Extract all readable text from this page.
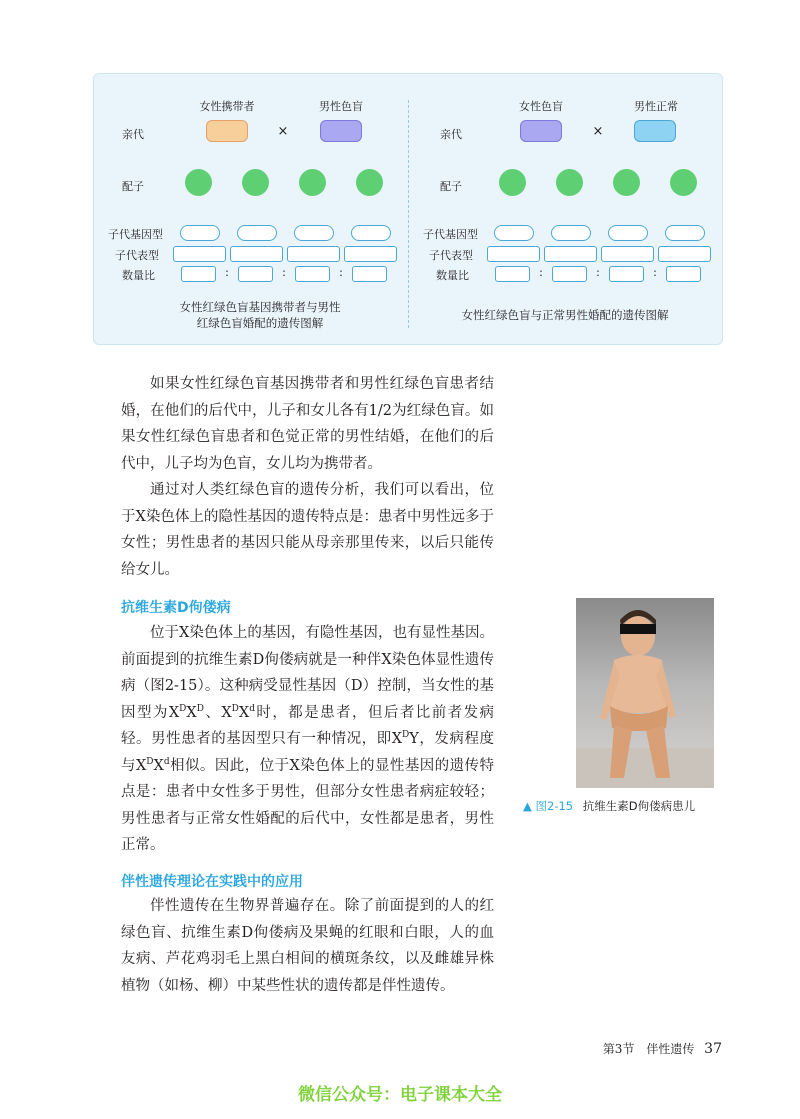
女性携带者	男性色盲
亲代	×
配子
子代基因型
子代表型
数量比	:	:	:
女性红绿色盲基因携带者与男性
红绿色盲婚配的遗传图解
女性色盲	男性正常
亲代	×
配子
子代基因型
子代表型
数量比	:	:	:
女性红绿色盲与正常男性婚配的遗传图解

如果女性红绿色盲基因携带者和男性红绿色盲患者结婚，在他们的后代中，儿子和女儿各有1/2为红绿色盲。如果女性红绿色盲患者和色觉正常的男性结婚，在他们的后代中，儿子均为色盲，女儿均为携带者。

通过对人类红绿色盲的遗传分析，我们可以看出，位于X染色体上的隐性基因的遗传特点是：患者中男性远多于女性；男性患者的基因只能从母亲那里传来，以后只能传给女儿。

抗维生素D佝偻病

位于X染色体上的基因，有隐性基因，也有显性基因。前面提到的抗维生素D佝偻病就是一种伴X染色体显性遗传病（图2-15）。这种病受显性基因（D）控制，当女性的基因型为$X^DX^D$、$X^DX^d$时，都是患者，但后者比前者发病轻。男性患者的基因型只有一种情况，即$X^DY$，发病程度与$X^DX^d$相似。因此，位于X染色体上的显性基因的遗传特点是：患者中女性多于男性，但部分女性患者病症较轻；男性患者与正常女性婚配的后代中，女性都是患者，男性正常。

伴性遗传理论在实践中的应用

伴性遗传在生物界普遍存在。除了前面提到的人的红绿色盲、抗维生素D佝偻病及果蝇的红眼和白眼，人的血友病、芦花鸡羽毛上黑白相间的横斑条纹，以及雌雄异株植物（如杨、柳）中某些性状的遗传都是伴性遗传。

▲ 图2-15 抗维生素D佝偻病患儿
第3节　伴性遗传 37
微信公众号：电子课本大全
